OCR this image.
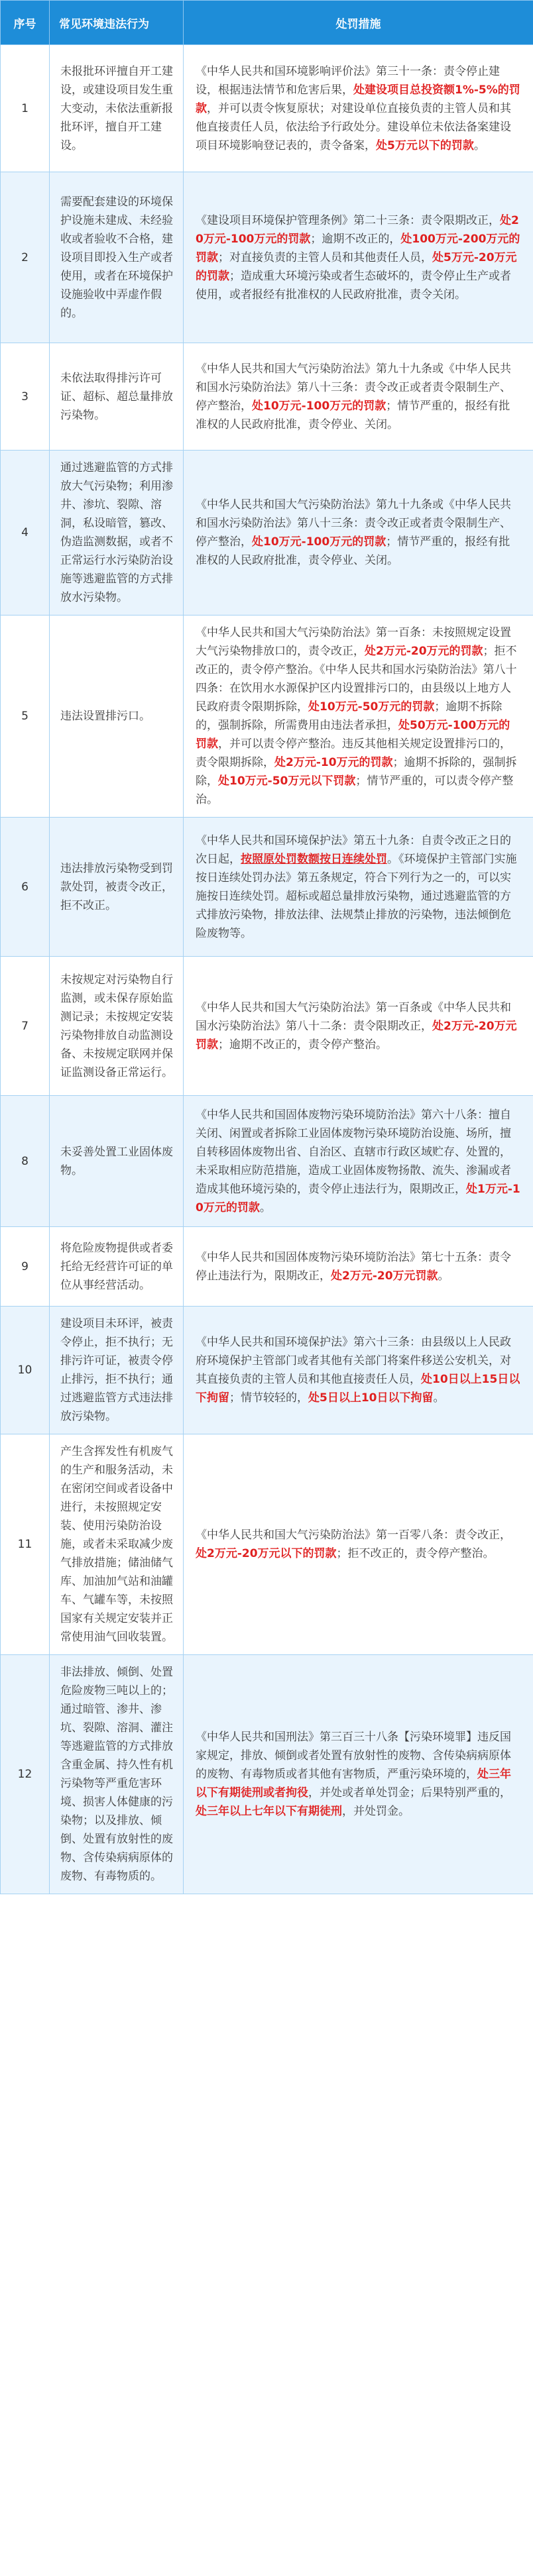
序号	常见环境违法行为	处罚措施
1	未报批环评擅自开工建设，或建设项目发生重大变动，未依法重新报批环评，擅自开工建设。	《中华人民共和国环境影响评价法》第三十一条：责令停止建设，根据违法情节和危害后果，处建设项目总投资额1%-5%的罚款，并可以责令恢复原状；对建设单位直接负责的主管人员和其他直接责任人员，依法给予行政处分。建设单位未依法备案建设项目环境影响登记表的，责令备案，处5万元以下的罚款。
2	需要配套建设的环境保护设施未建成、未经验收或者验收不合格，建设项目即投入生产或者使用，或者在环境保护设施验收中弄虚作假的。	《建设项目环境保护管理条例》第二十三条：责令限期改正，处20万元-100万元的罚款；逾期不改正的，处100万元-200万元的罚款；对直接负责的主管人员和其他责任人员，处5万元-20万元的罚款；造成重大环境污染或者生态破坏的，责令停止生产或者使用，或者报经有批准权的人民政府批准，责令关闭。
3	未依法取得排污许可证、超标、超总量排放污染物。	《中华人民共和国大气污染防治法》第九十九条或《中华人民共和国水污染防治法》第八十三条：责令改正或者责令限制生产、停产整治，处10万元-100万元的罚款；情节严重的，报经有批准权的人民政府批准，责令停业、关闭。
4	通过逃避监管的方式排放大气污染物；利用渗井、渗坑、裂隙、溶洞，私设暗管，篡改、伪造监测数据，或者不正常运行水污染防治设施等逃避监管的方式排放水污染物。	《中华人民共和国大气污染防治法》第九十九条或《中华人民共和国水污染防治法》第八十三条：责令改正或者责令限制生产、停产整治，处10万元-100万元的罚款；情节严重的，报经有批准权的人民政府批准，责令停业、关闭。
5	违法设置排污口。	《中华人民共和国大气污染防治法》第一百条：未按照规定设置大气污染物排放口的，责令改正，处2万元-20万元的罚款；拒不改正的，责令停产整治。《中华人民共和国水污染防治法》第八十四条：在饮用水水源保护区内设置排污口的，由县级以上地方人民政府责令限期拆除，处10万元-50万元的罚款；逾期不拆除的，强制拆除，所需费用由违法者承担，处50万元-100万元的罚款，并可以责令停产整治。违反其他相关规定设置排污口的，责令限期拆除，处2万元-10万元的罚款；逾期不拆除的，强制拆除，处10万元-50万元以下罚款；情节严重的，可以责令停产整治。
6	违法排放污染物受到罚款处罚，被责令改正，拒不改正。	《中华人民共和国环境保护法》第五十九条：自责令改正之日的次日起，按照原处罚数额按日连续处罚。《环境保护主管部门实施按日连续处罚办法》第五条规定，符合下列行为之一的，可以实施按日连续处罚。超标或超总量排放污染物，通过逃避监管的方式排放污染物，排放法律、法规禁止排放的污染物，违法倾倒危险废物等。
7	未按规定对污染物自行监测，或未保存原始监测记录；未按规定安装污染物排放自动监测设备、未按规定联网并保证监测设备正常运行。	《中华人民共和国大气污染防治法》第一百条或《中华人民共和国水污染防治法》第八十二条：责令限期改正，处2万元-20万元罚款；逾期不改正的，责令停产整治。
8	未妥善处置工业固体废物。	《中华人民共和国固体废物污染环境防治法》第六十八条：擅自关闭、闲置或者拆除工业固体废物污染环境防治设施、场所，擅自转移固体废物出省、自治区、直辖市行政区域贮存、处置的，未采取相应防范措施，造成工业固体废物扬散、流失、渗漏或者造成其他环境污染的，责令停止违法行为，限期改正，处1万元-10万元的罚款。
9	将危险废物提供或者委托给无经营许可证的单位从事经营活动。	《中华人民共和国固体废物污染环境防治法》第七十五条：责令停止违法行为，限期改正，处2万元-20万元罚款。
10	建设项目未环评，被责令停止，拒不执行；无排污许可证，被责令停止排污，拒不执行；通过逃避监管方式违法排放污染物。	《中华人民共和国环境保护法》第六十三条：由县级以上人民政府环境保护主管部门或者其他有关部门将案件移送公安机关，对其直接负责的主管人员和其他直接责任人员，处10日以上15日以下拘留；情节较轻的，处5日以上10日以下拘留。
11	产生含挥发性有机废气的生产和服务活动，未在密闭空间或者设备中进行，未按照规定安装、使用污染防治设施，或者未采取减少废气排放措施；储油储气库、加油加气站和油罐车、气罐车等，未按照国家有关规定安装并正常使用油气回收装置。	《中华人民共和国大气污染防治法》第一百零八条：责令改正，处2万元-20万元以下的罚款；拒不改正的，责令停产整治。
12	非法排放、倾倒、处置危险废物三吨以上的；通过暗管、渗井、渗坑、裂隙、溶洞、灌注等逃避监管的方式排放含重金属、持久性有机污染物等严重危害环境、损害人体健康的污染物；以及排放、倾倒、处置有放射性的废物、含传染病病原体的废物、有毒物质的。	《中华人民共和国刑法》第三百三十八条【污染环境罪】违反国家规定，排放、倾倒或者处置有放射性的废物、含传染病病原体的废物、有毒物质或者其他有害物质，严重污染环境的，处三年以下有期徒刑或者拘役，并处或者单处罚金；后果特别严重的，处三年以上七年以下有期徒刑，并处罚金。
